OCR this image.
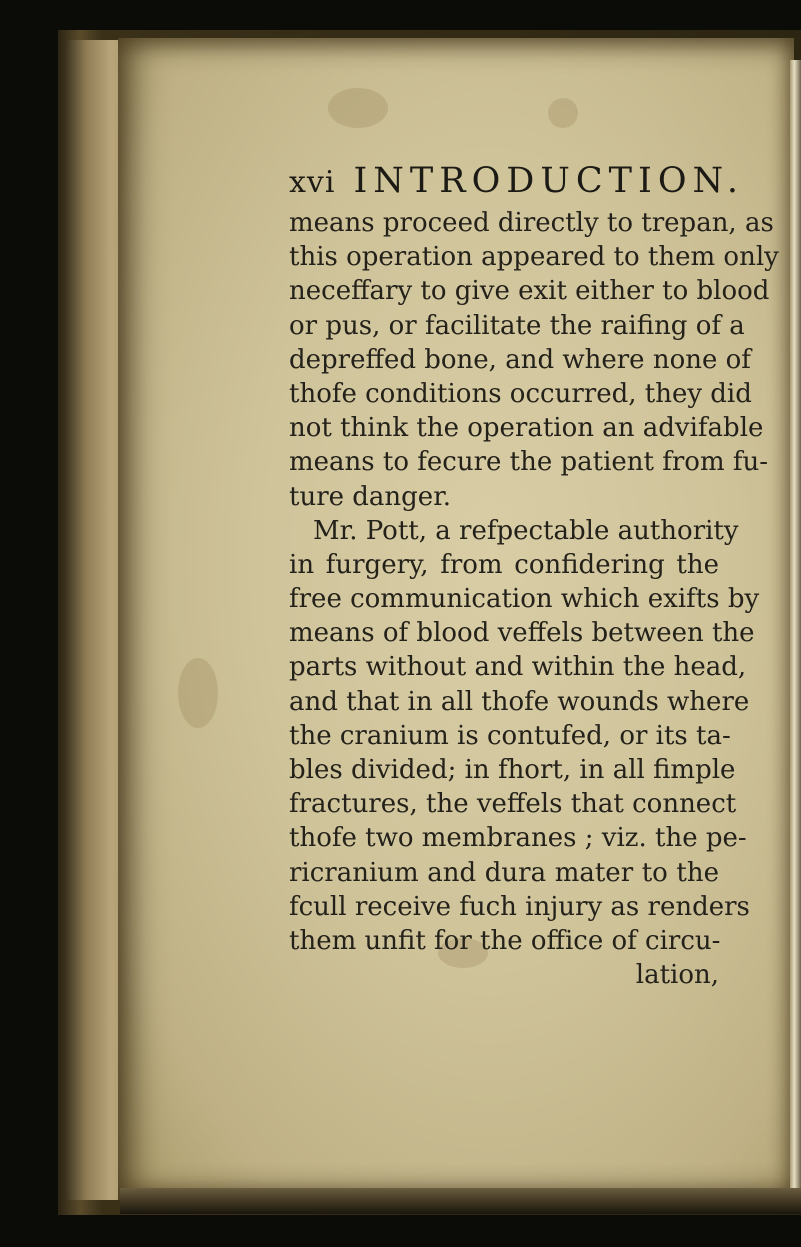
xvi INTRODUCTION.
means proceed directly to trepan, as
this operation appeared to them only
neceffary to give exit either to blood
or pus, or facilitate the raifing of a
depreffed bone, and where none of
thofe conditions occurred, they did
not think the operation an advifable
means to fecure the patient from fu-
ture danger.
Mr. Pott, a refpectable authority
in furgery, from confidering the
free communication which exifts by
means of blood veffels between the
parts without and within the head,
and that in all thofe wounds where
the cranium is contufed, or its ta-
bles divided; in fhort, in all fimple
fractures, the veffels that connect
thofe two membranes ; viz. the pe-
ricranium and dura mater to the
fcull receive fuch injury as renders
them unfit for the office of circu-
lation,
